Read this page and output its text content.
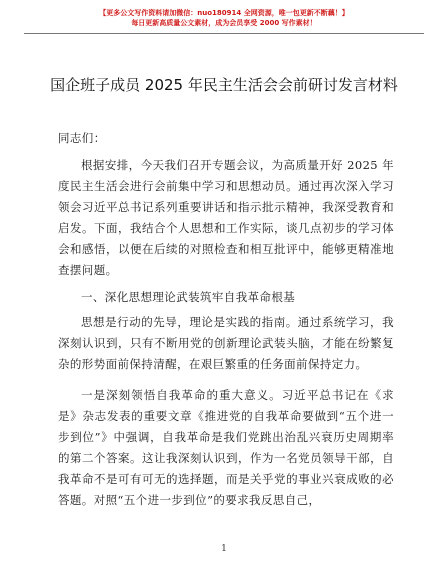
【更多公文写作资料请加微信：nuo180914 全网资源，唯一包更新不断藕！】
每日更新高质量公文素材，成为会员享受 2000 写作素材！
国企班子成员 2025 年民主生活会会前研讨发言材料

同志们：

根据安排，今天我们召开专题会议，为高质量开好 2025 年度民主生活会进行会前集中学习和思想动员。通过再次深入学习领会习近平总书记系列重要讲话和指示批示精神，我深受教育和启发。下面，我结合个人思想和工作实际，谈几点初步的学习体会和感悟，以便在后续的对照检查和相互批评中，能够更精准地查摆问题。

一、深化思想理论武装筑牢自我革命根基

思想是行动的先导，理论是实践的指南。通过系统学习，我深刻认识到，只有不断用党的创新理论武装头脑，才能在纷繁复杂的形势面前保持清醒，在艰巨繁重的任务面前保持定力。

一是深刻领悟自我革命的重大意义。习近平总书记在《求是》杂志发表的重要文章《推进党的自我革命要做到“五个进一步到位”》中强调，自我革命是我们党跳出治乱兴衰历史周期率的第二个答案。这让我深刻认识到，作为一名党员领导干部，自我革命不是可有可无的选择题，而是关乎党的事业兴衰成败的必答题。对照“五个进一步到位”的要求我反思自己，

1
